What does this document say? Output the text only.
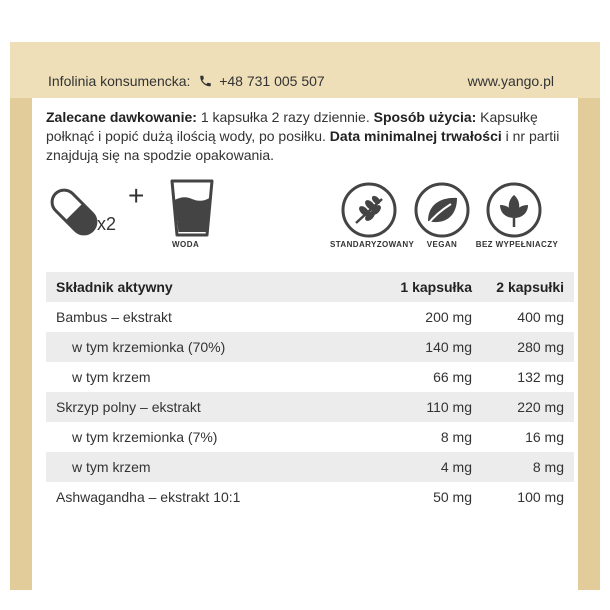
Infolinia konsumencka: +48 731 005 507	www.yango.pl
Zalecane dawkowanie: 1 kapsułka 2 razy dziennie. Sposób użycia: Kapsułkę połknąć i popić dużą ilością wody, po posiłku. Data minimalnej trwałości i nr partii znajdują się na spodzie opakowania.
x2
+
WODA	STANDARYZOWANY	VEGAN	BEZ WYPEŁNIACZY
Składnik aktywny	1 kapsułka	2 kapsułki
Bambus – ekstrakt	200 mg	400 mg
w tym krzemionka (70%)	140 mg	280 mg
w tym krzem	66 mg	132 mg
Skrzyp polny – ekstrakt	110 mg	220 mg
w tym krzemionka (7%)	8 mg	16 mg
w tym krzem	4 mg	8 mg
Ashwagandha – ekstrakt 10:1	50 mg	100 mg
